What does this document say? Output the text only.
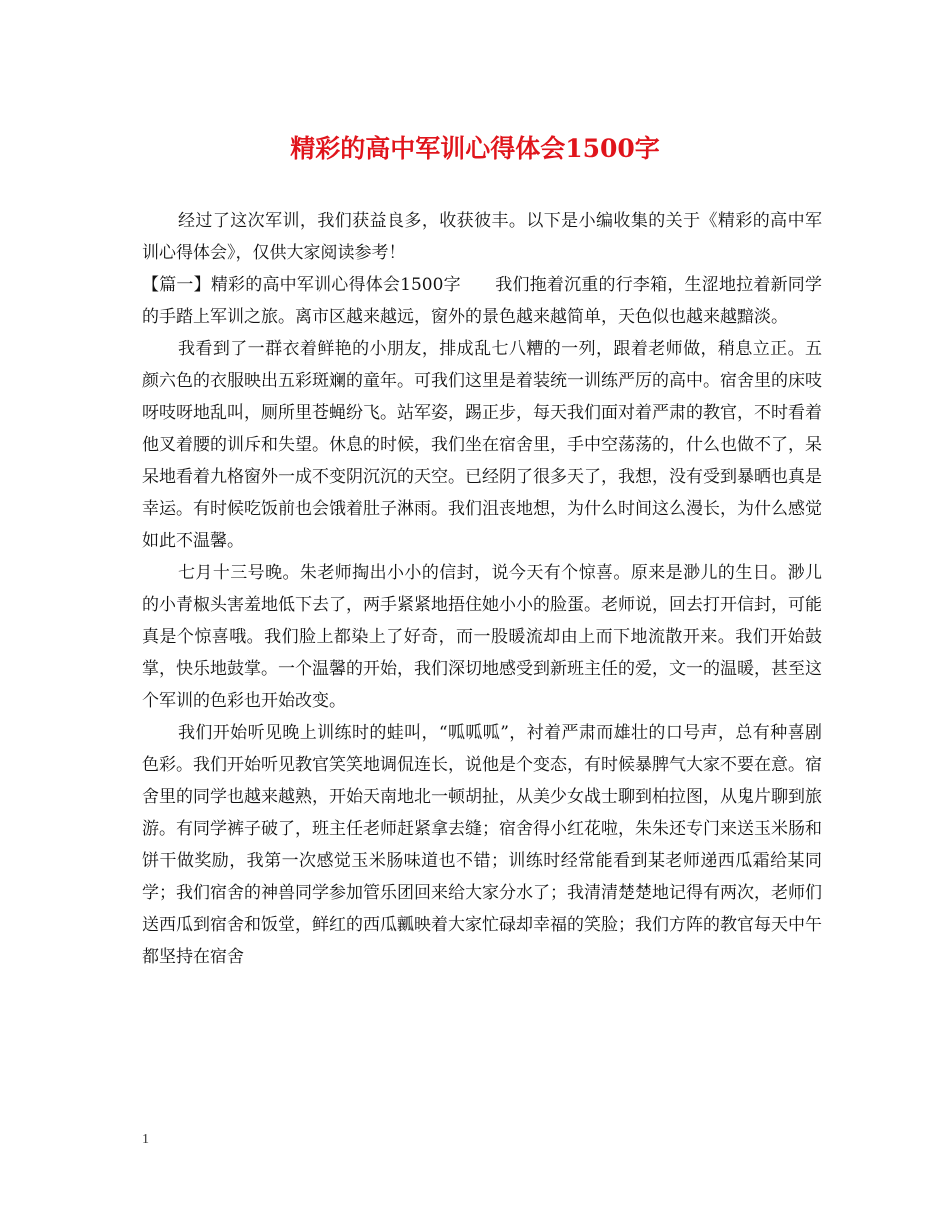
精彩的高中军训心得体会1500字

经过了这次军训，我们获益良多，收获彼丰。以下是小编收集的关于《精彩的高中军训心得体会》，仅供大家阅读参考！

【篇一】精彩的高中军训心得体会1500字　　我们拖着沉重的行李箱，生涩地拉着新同学的手踏上军训之旅。离市区越来越远，窗外的景色越来越简单，天色似也越来越黯淡。

我看到了一群衣着鲜艳的小朋友，排成乱七八糟的一列，跟着老师做，稍息立正。五颜六色的衣服映出五彩斑斓的童年。可我们这里是着装统一训练严厉的高中。宿舍里的床吱呀吱呀地乱叫，厕所里苍蝇纷飞。站军姿，踢正步，每天我们面对着严肃的教官，不时看着他叉着腰的训斥和失望。休息的时候，我们坐在宿舍里，手中空荡荡的，什么也做不了，呆呆地看着九格窗外一成不变阴沉沉的天空。已经阴了很多天了，我想，没有受到暴晒也真是幸运。有时候吃饭前也会饿着肚子淋雨。我们沮丧地想，为什么时间这么漫长，为什么感觉如此不温馨。

七月十三号晚。朱老师掏出小小的信封，说今天有个惊喜。原来是渺儿的生日。渺儿的小青椒头害羞地低下去了，两手紧紧地捂住她小小的脸蛋。老师说，回去打开信封，可能真是个惊喜哦。我们脸上都染上了好奇，而一股暖流却由上而下地流散开来。我们开始鼓掌，快乐地鼓掌。一个温馨的开始，我们深切地感受到新班主任的爱，文一的温暖，甚至这个军训的色彩也开始改变。

我们开始听见晚上训练时的蛙叫，“呱呱呱”，衬着严肃而雄壮的口号声，总有种喜剧色彩。我们开始听见教官笑笑地调侃连长，说他是个变态，有时候暴脾气大家不要在意。宿舍里的同学也越来越熟，开始天南地北一顿胡扯，从美少女战士聊到柏拉图，从鬼片聊到旅游。有同学裤子破了，班主任老师赶紧拿去缝；宿舍得小红花啦，朱朱还专门来送玉米肠和饼干做奖励，我第一次感觉玉米肠味道也不错；训练时经常能看到某老师递西瓜霜给某同学；我们宿舍的神兽同学参加管乐团回来给大家分水了；我清清楚楚地记得有两次，老师们送西瓜到宿舍和饭堂，鲜红的西瓜瓤映着大家忙碌却幸福的笑脸；我们方阵的教官每天中午都坚持在宿舍

1
